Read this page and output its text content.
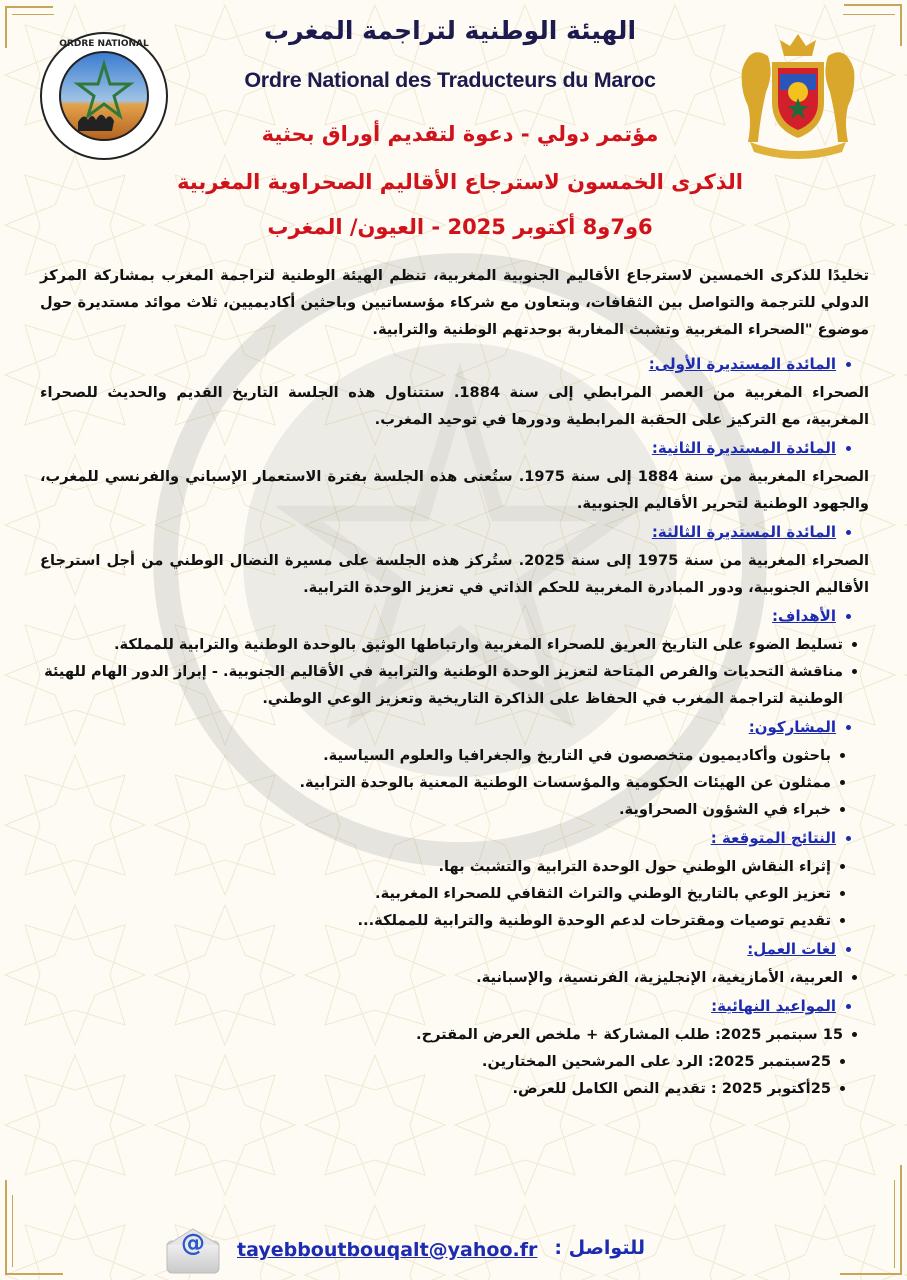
ORDRE NATIONAL	الهيئة الوطنية لتراجمة المغرب
Ordre National des Traducteurs du Maroc
مؤتمر دولي - دعوة لتقديم أوراق بحثية
الذكرى الخمسون لاسترجاع الأقاليم الصحراوية المغربية
6و7و8 أكتوبر 2025 - العيون/ المغرب

تخليدًا للذكرى الخمسين لاسترجاع الأقاليم الجنوبية المغربية، تنظم الهيئة الوطنية لتراجمة المغرب بمشاركة المركز الدولي للترجمة والتواصل بين الثقافات، وبتعاون مع شركاء مؤسساتيين وباحثين أكاديميين، ثلاث موائد مستديرة حول موضوع "الصحراء المغربية وتشبث المغاربة بوحدتهم الوطنية والترابية.

المائدة المستديرة الأولى:

الصحراء المغربية من العصر المرابطي إلى سنة 1884. ستتناول هذه الجلسة التاريخ القديم والحديث للصحراء المغربية، مع التركيز على الحقبة المرابطية ودورها في توحيد المغرب.

المائدة المستديرة الثانية:

الصحراء المغربية من سنة 1884 إلى سنة 1975. ستُعنى هذه الجلسة بفترة الاستعمار الإسباني والفرنسي للمغرب، والجهود الوطنية لتحرير الأقاليم الجنوبية.

المائدة المستديرة الثالثة:

الصحراء المغربية من سنة 1975 إلى سنة 2025. ستُركز هذه الجلسة على مسيرة النضال الوطني من أجل استرجاع الأقاليم الجنوبية، ودور المبادرة المغربية للحكم الذاتي في تعزيز الوحدة الترابية.

الأهداف:
تسليط الضوء على التاريخ العريق للصحراء المغربية وارتباطها الوثيق بالوحدة الوطنية والترابية للمملكة.
مناقشة التحديات والفرص المتاحة لتعزيز الوحدة الوطنية والترابية في الأقاليم الجنوبية. - إبراز الدور الهام للهيئة الوطنية لتراجمة المغرب في الحفاظ على الذاكرة التاريخية وتعزيز الوعي الوطني.
المشاركون:
باحثون وأكاديميون متخصصون في التاريخ والجغرافيا والعلوم السياسية.
ممثلون عن الهيئات الحكومية والمؤسسات الوطنية المعنية بالوحدة الترابية.
خبراء في الشؤون الصحراوية.
النتائج المتوقعة :
إثراء النقاش الوطني حول الوحدة الترابية والتشبث بها.
تعزيز الوعي بالتاريخ الوطني والتراث الثقافي للصحراء المغربية.
تقديم توصيات ومقترحات لدعم الوحدة الوطنية والترابية للمملكة...
لغات العمل:
العربية، الأمازيغية، الإنجليزية، الفرنسية، والإسبانية.
المواعيد النهائية:
15 سبتمبر 2025: طلب المشاركة + ملخص العرض المقترح.
25سبتمبر 2025: الرد على المرشحين المختارين.
25أكتوبر 2025 : تقديم النص الكامل للعرض.
@ tayebboutbouqalt@yahoo.fr للتواصل :
